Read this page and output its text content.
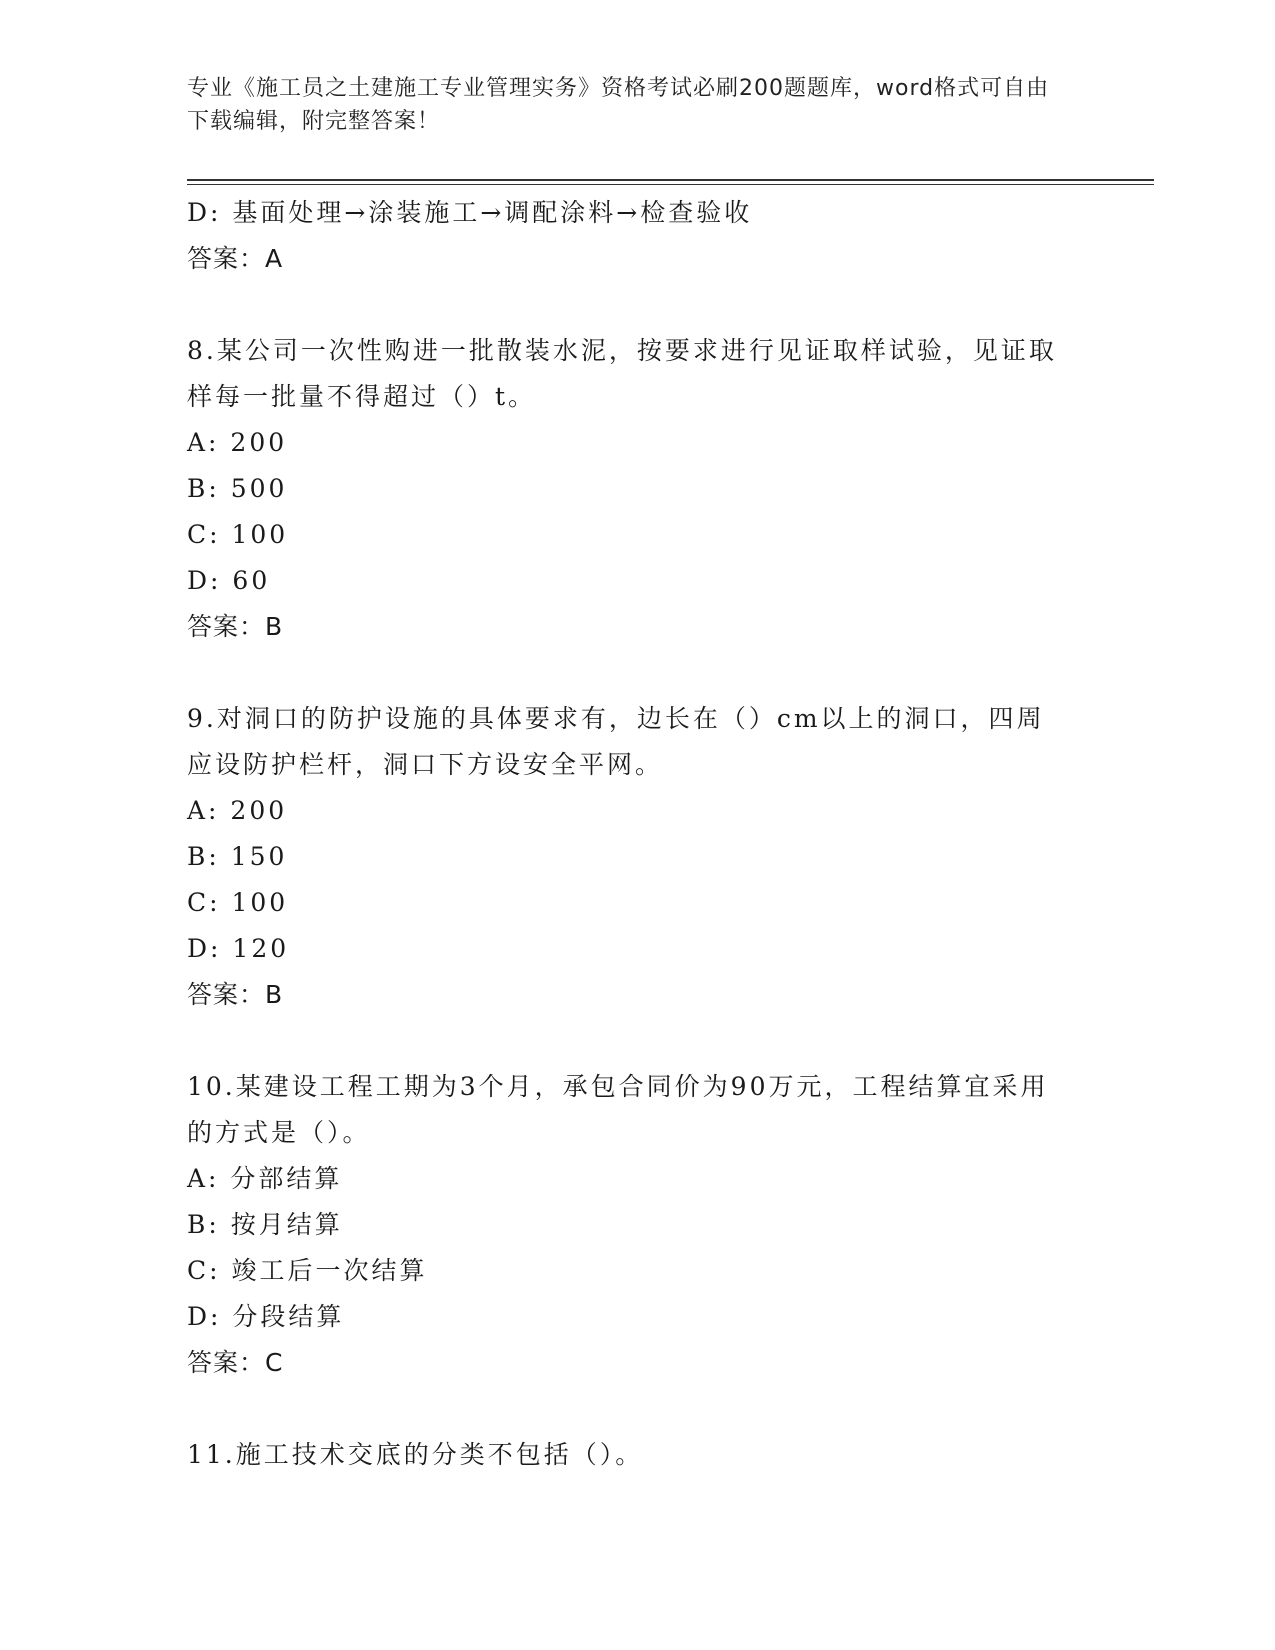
专业《施工员之土建施工专业管理实务》资格考试必刷200题题库，word格式可自由下载编辑，附完整答案！
D: 基面处理→涂装施工→调配涂料→检查验收
答案：A
8.某公司一次性购进一批散装水泥，按要求进行见证取样试验，见证取样每一批量不得超过（）t。
A: 200
B: 500
C: 100
D: 60
答案：B
9.对洞口的防护设施的具体要求有，边长在（）cm以上的洞口，四周应设防护栏杆，洞口下方设安全平网。
A: 200
B: 150
C: 100
D: 120
答案：B
10.某建设工程工期为3个月，承包合同价为90万元，工程结算宜采用的方式是（）。
A: 分部结算
B: 按月结算
C: 竣工后一次结算
D: 分段结算
答案：C
11.施工技术交底的分类不包括（）。
